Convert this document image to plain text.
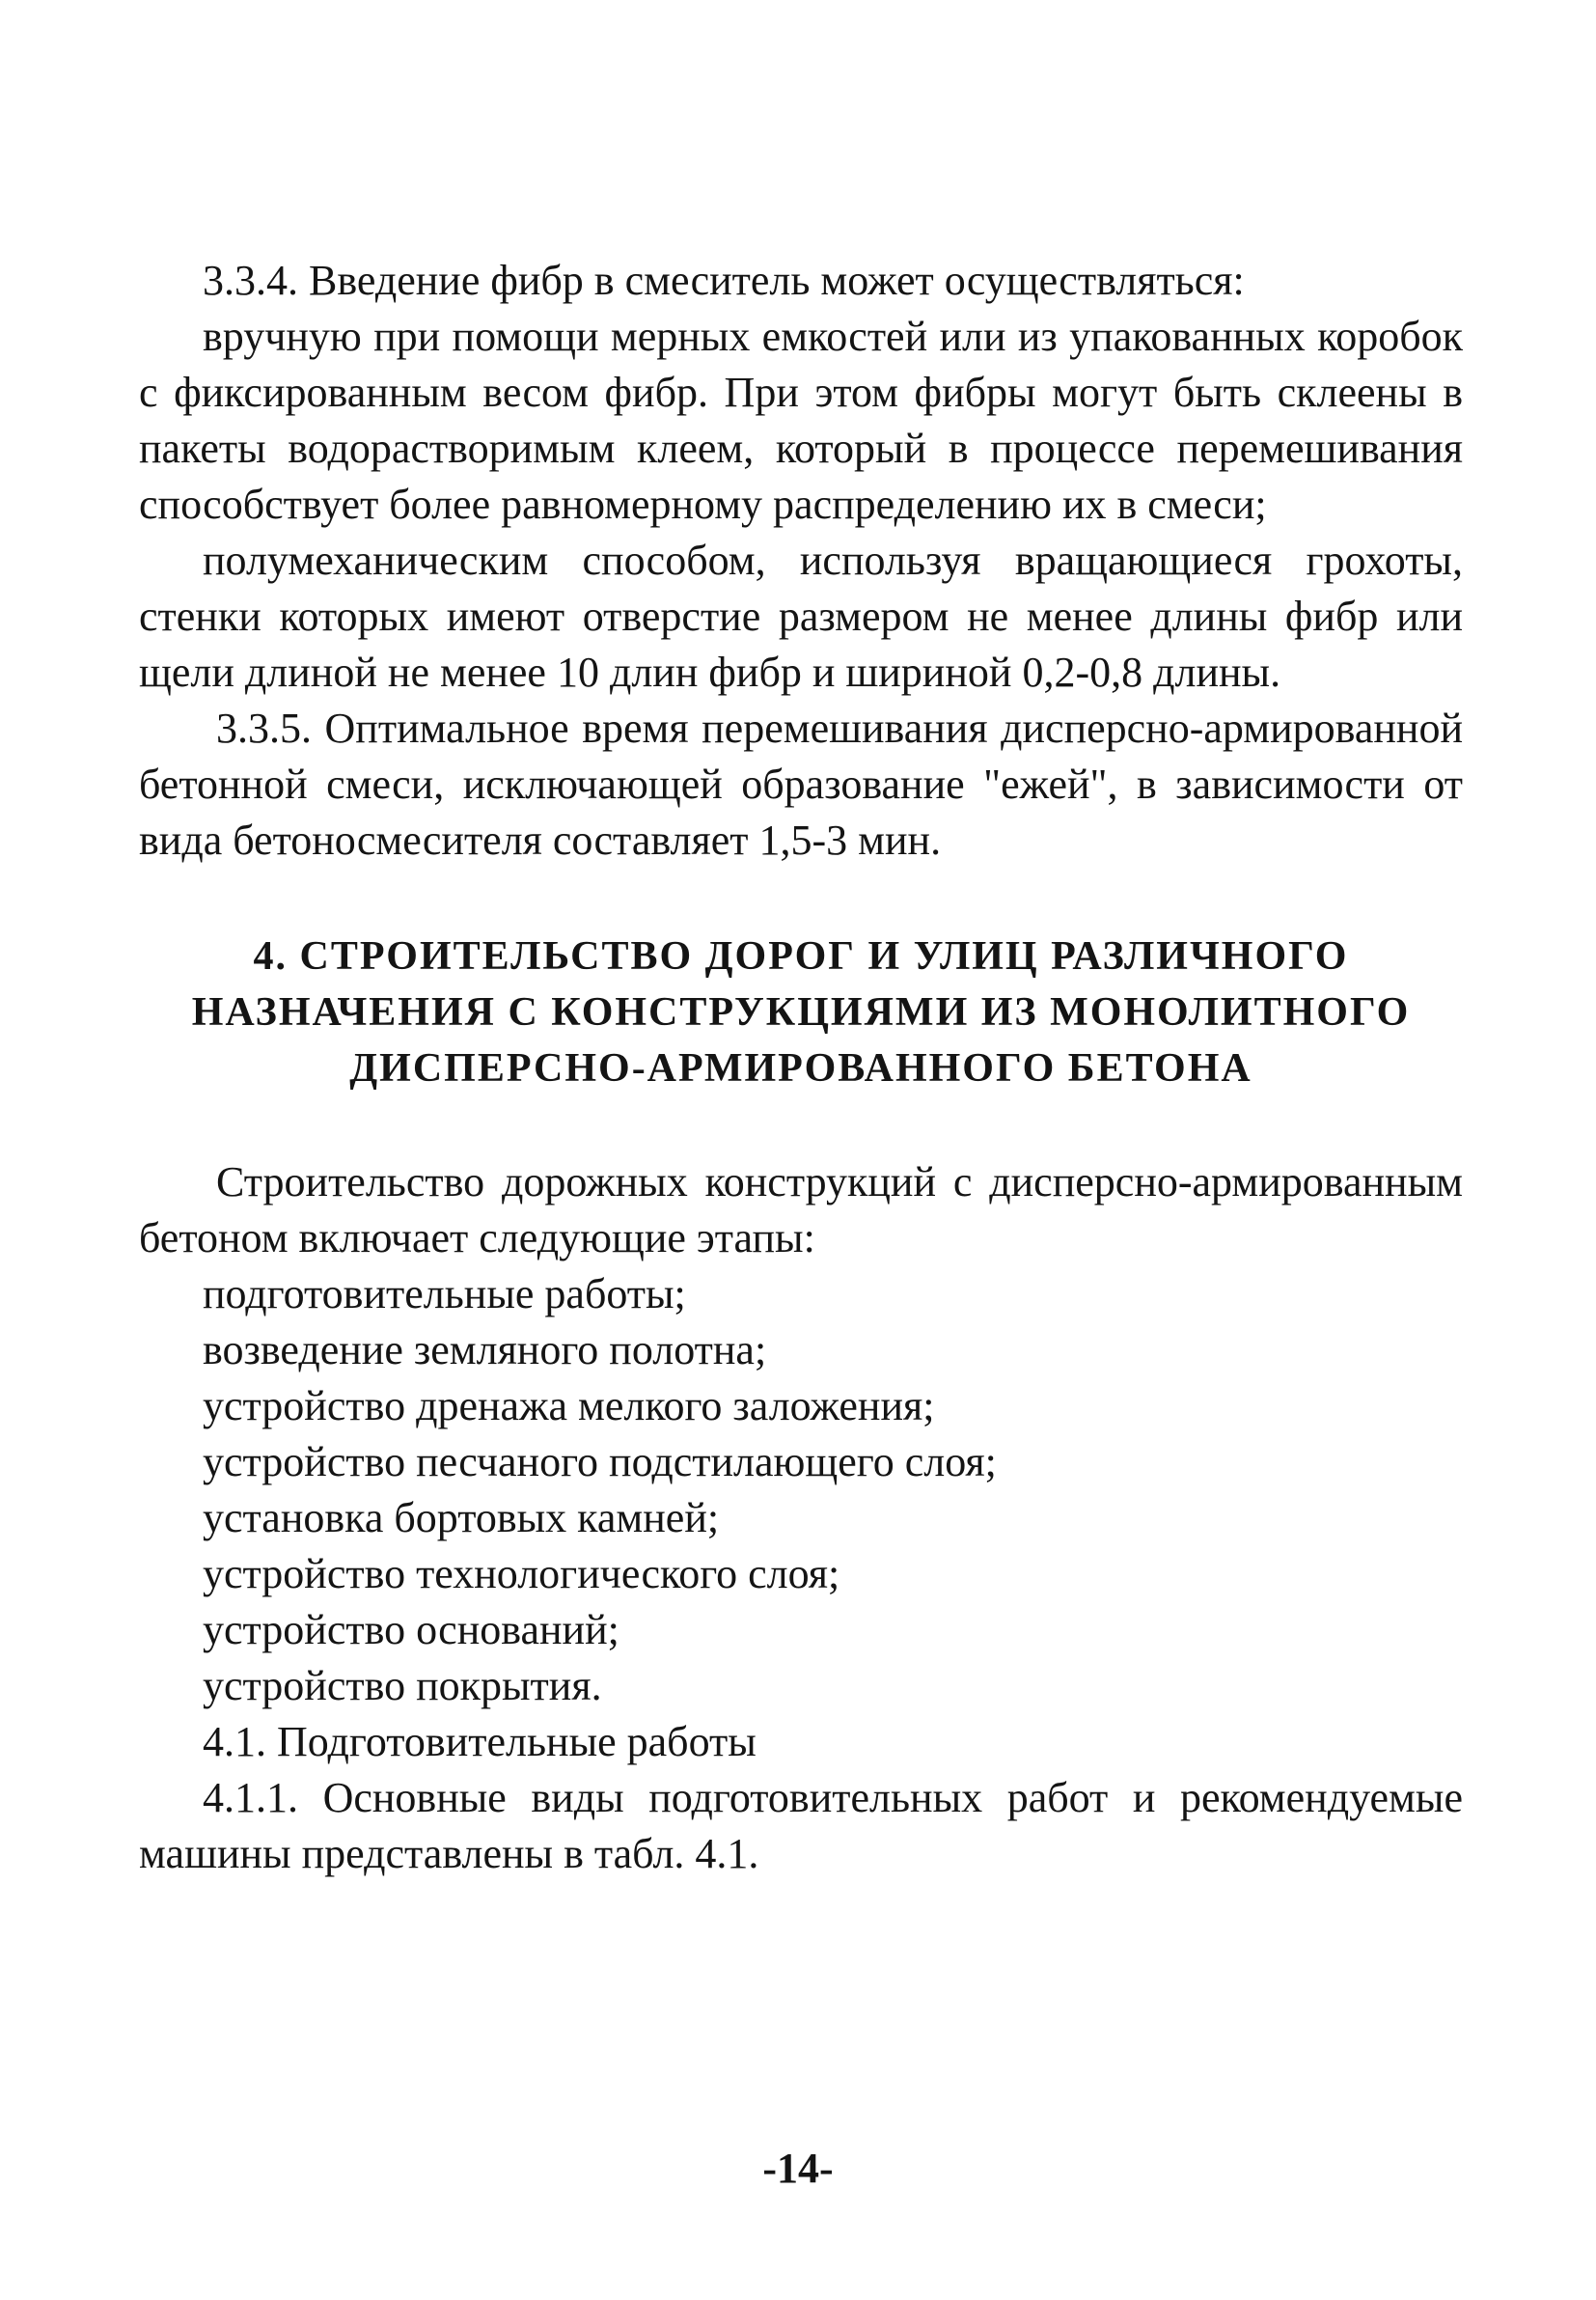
3.3.4. Введение фибр в смеситель может осуществляться:

вручную при помощи мерных емкостей или из упакованных коробок с фиксированным весом фибр. При этом фибры могут быть склеены в пакеты водорастворимым клеем, который в процессе перемешивания способствует более равномерному распределению их в смеси;

полумеханическим способом, используя вращающиеся грохоты, стенки которых имеют отверстие размером не менее длины фибр или щели длиной не менее 10 длин фибр и шириной 0,2-0,8 длины.

3.3.5. Оптимальное время перемешивания дисперсно-армированной бетонной смеси, исключающей образование "ежей", в зависимости от вида бетоносмесителя составляет 1,5-3 мин.

4. СТРОИТЕЛЬСТВО ДОРОГ И УЛИЦ РАЗЛИЧНОГО
НАЗНАЧЕНИЯ С КОНСТРУКЦИЯМИ ИЗ МОНОЛИТНОГО
ДИСПЕРСНО-АРМИРОВАННОГО БЕТОНА

Строительство дорожных конструкций с дисперсно-армированным бетоном включает следующие этапы:

подготовительные работы;

возведение земляного полотна;

устройство дренажа мелкого заложения;

устройство песчаного подстилающего слоя;

установка бортовых камней;

устройство технологического слоя;

устройство оснований;

устройство покрытия.

4.1. Подготовительные работы

4.1.1. Основные виды подготовительных работ и рекомендуемые машины представлены в табл. 4.1.

-14-
